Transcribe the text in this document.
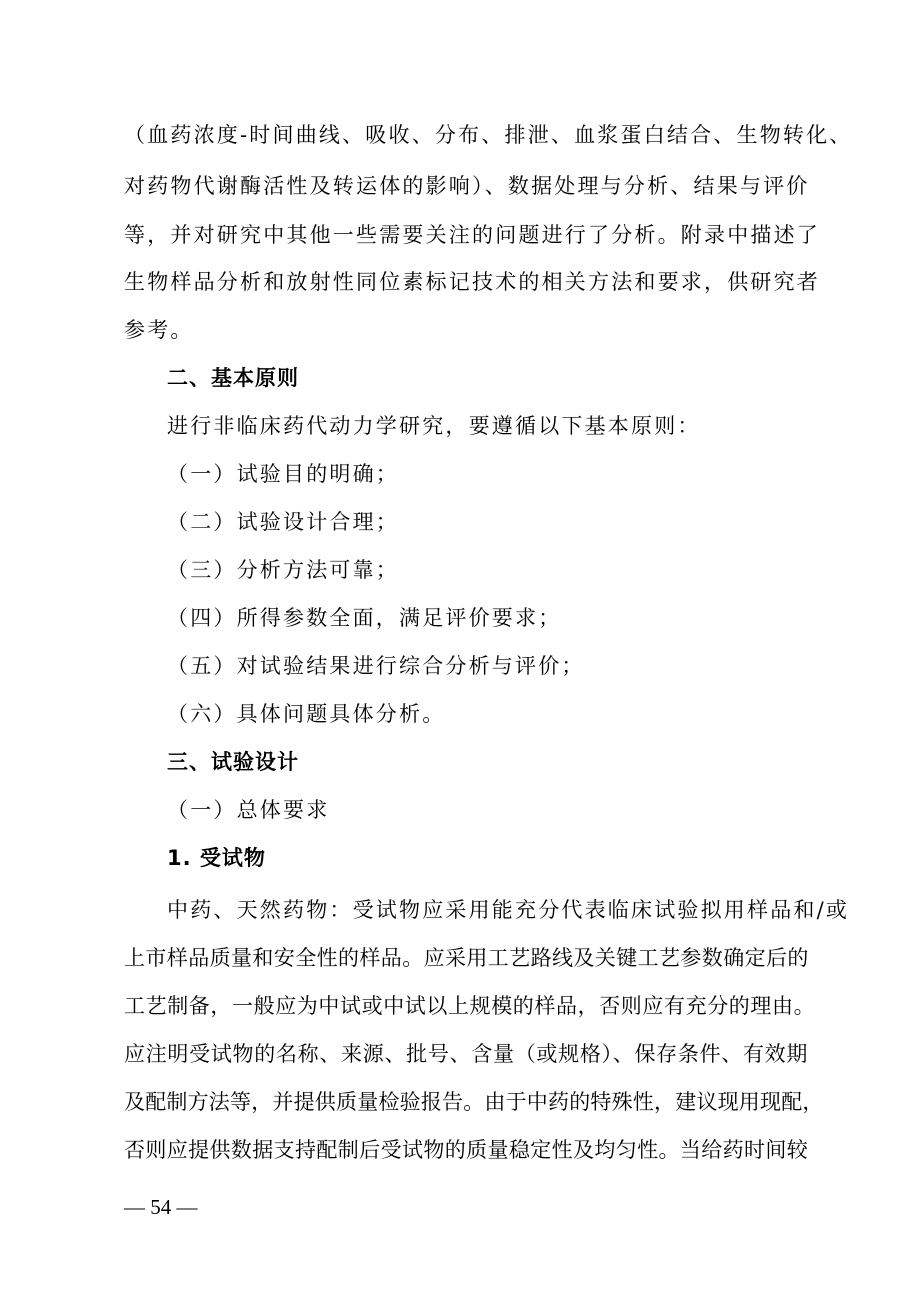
（血药浓度-时间曲线、吸收、分布、排泄、血浆蛋白结合、生物转化、
对药物代谢酶活性及转运体的影响）、数据处理与分析、结果与评价
等，并对研究中其他一些需要关注的问题进行了分析。附录中描述了
生物样品分析和放射性同位素标记技术的相关方法和要求，供研究者
参考。
二、基本原则
进行非临床药代动力学研究，要遵循以下基本原则：
（一）试验目的明确；
（二）试验设计合理；
（三）分析方法可靠；
（四）所得参数全面，满足评价要求；
（五）对试验结果进行综合分析与评价；
（六）具体问题具体分析。
三、试验设计
（一）总体要求
1. 受试物
中药、天然药物：受试物应采用能充分代表临床试验拟用样品和/或
上市样品质量和安全性的样品。应采用工艺路线及关键工艺参数确定后的
工艺制备，一般应为中试或中试以上规模的样品，否则应有充分的理由。
应注明受试物的名称、来源、批号、含量（或规格）、保存条件、有效期
及配制方法等，并提供质量检验报告。由于中药的特殊性，建议现用现配，
否则应提供数据支持配制后受试物的质量稳定性及均匀性。当给药时间较
— 54 —
